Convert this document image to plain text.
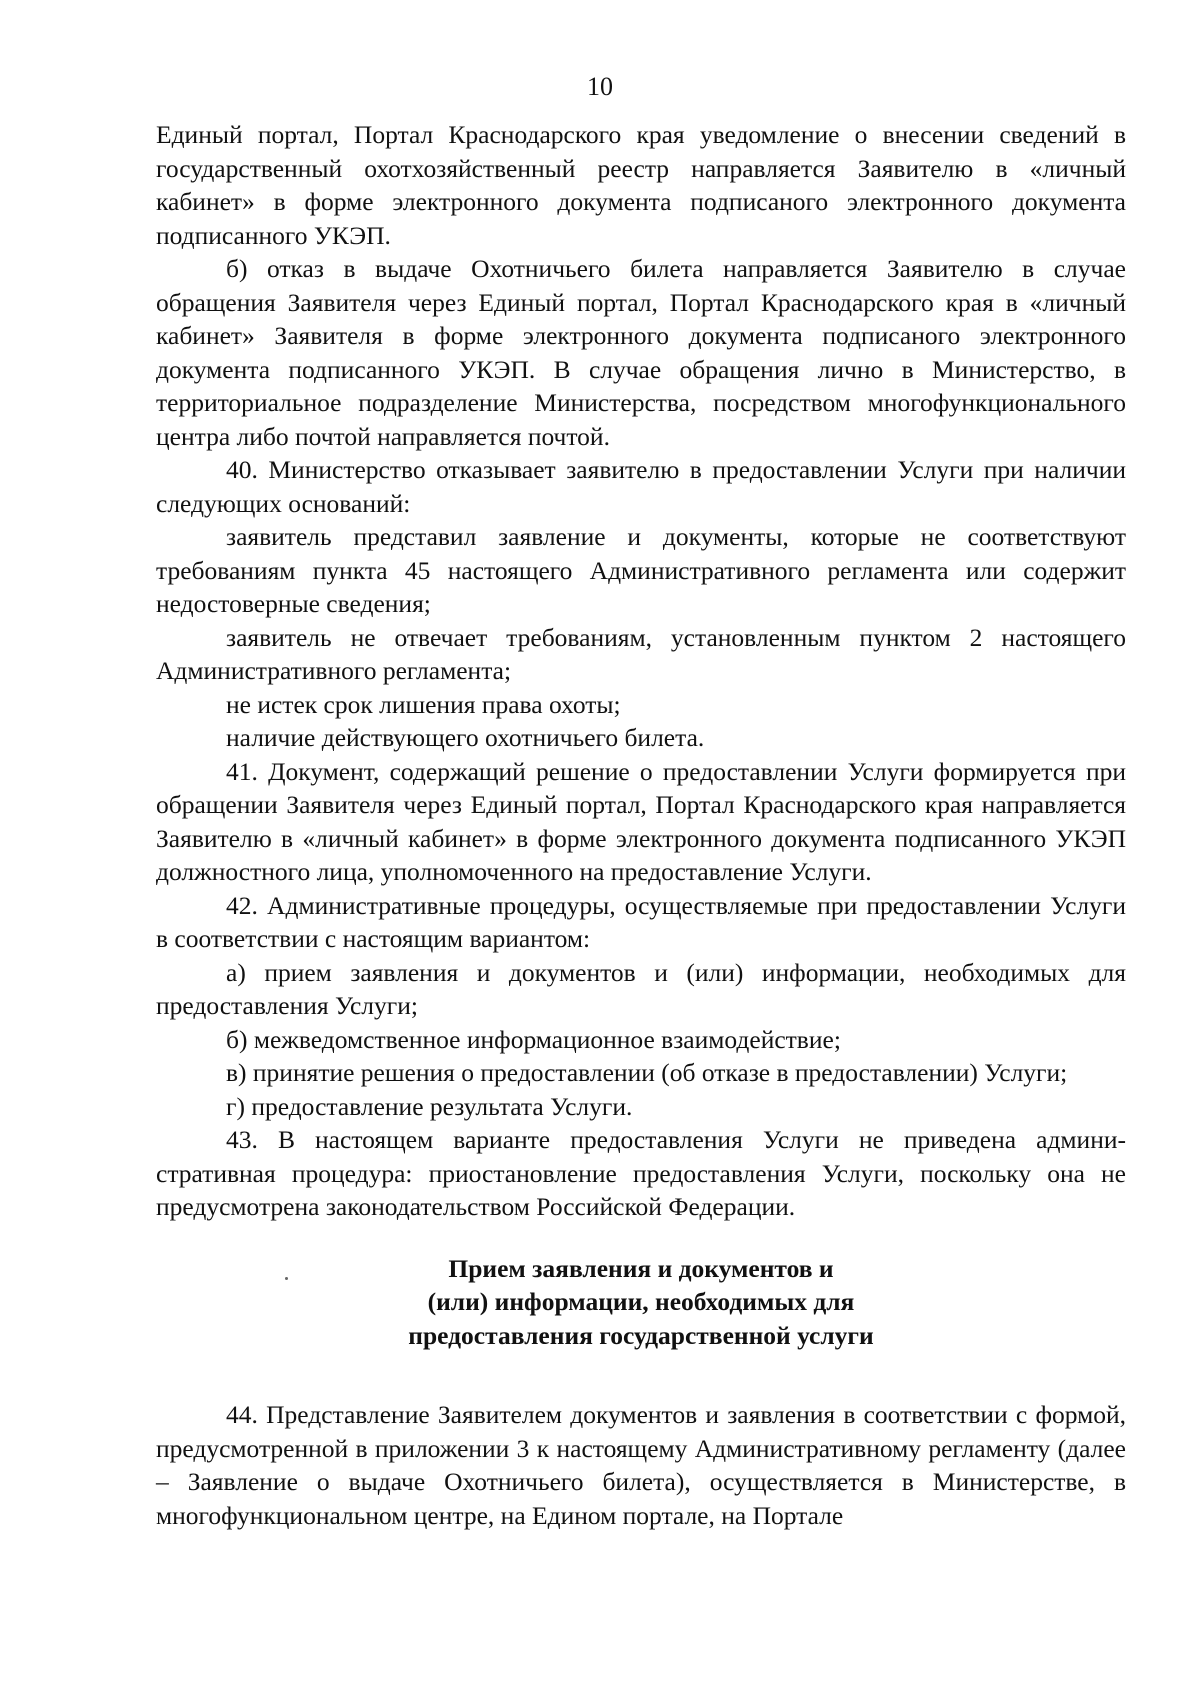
10

Единый портал, Портал Краснодарского края уведомление о внесении сведений в государственный охотхозяйственный реестр направляется Заявителю в «личный кабинет» в форме электронного документа подписаного электронного документа подписанного УКЭП.

б) отказ в выдаче Охотничьего билета направляется Заявителю в случае обращения Заявителя через Единый портал, Портал Краснодарского края в «личный кабинет» Заявителя в форме электронного документа подписаного электронного документа подписанного УКЭП. В случае обращения лично в Министерство, в территориальное подразделение Министерства, посредством многофункционального центра либо почтой направляется почтой.

40. Министерство отказывает заявителю в предоставлении Услуги при наличии следующих оснований:

заявитель представил заявление и документы, которые не соответствуют требованиям пункта 45 настоящего Административного регламента или содержит недостоверные сведения;

заявитель не отвечает требованиям, установленным пунктом 2 настоящего Административного регламента;

не истек срок лишения права охоты;

наличие действующего охотничьего билета.

41. Документ, содержащий решение о предоставлении Услуги формируется при обращении Заявителя через Единый портал, Портал Краснодарского края направляется Заявителю в «личный кабинет» в форме электронного документа подписанного УКЭП должностного лица, уполномоченного на предоставление Услуги.

42. Административные процедуры, осуществляемые при предоставлении Услуги в соответствии с настоящим вариантом:

а) прием заявления и документов и (или) информации, необходимых для предоставления Услуги;

б) межведомственное информационное взаимодействие;

в) принятие решения о предоставлении (об отказе в предоставлении) Услуги;

г) предоставление результата Услуги.

43. В настоящем варианте предоставления Услуги не приведена административная процедура: приостановление предоставления Услуги, поскольку она не предусмотрена законодательством Российской Федерации.

Прием заявления и документов и
(или) информации, необходимых для
предоставления государственной услуги

44. Представление Заявителем документов и заявления в соответствии с формой, предусмотренной в приложении 3 к настоящему Административному регламенту (далее – Заявление о выдаче Охотничьего билета), осуществляется в Министерстве, в многофункциональном центре, на Едином портале, на Портале
